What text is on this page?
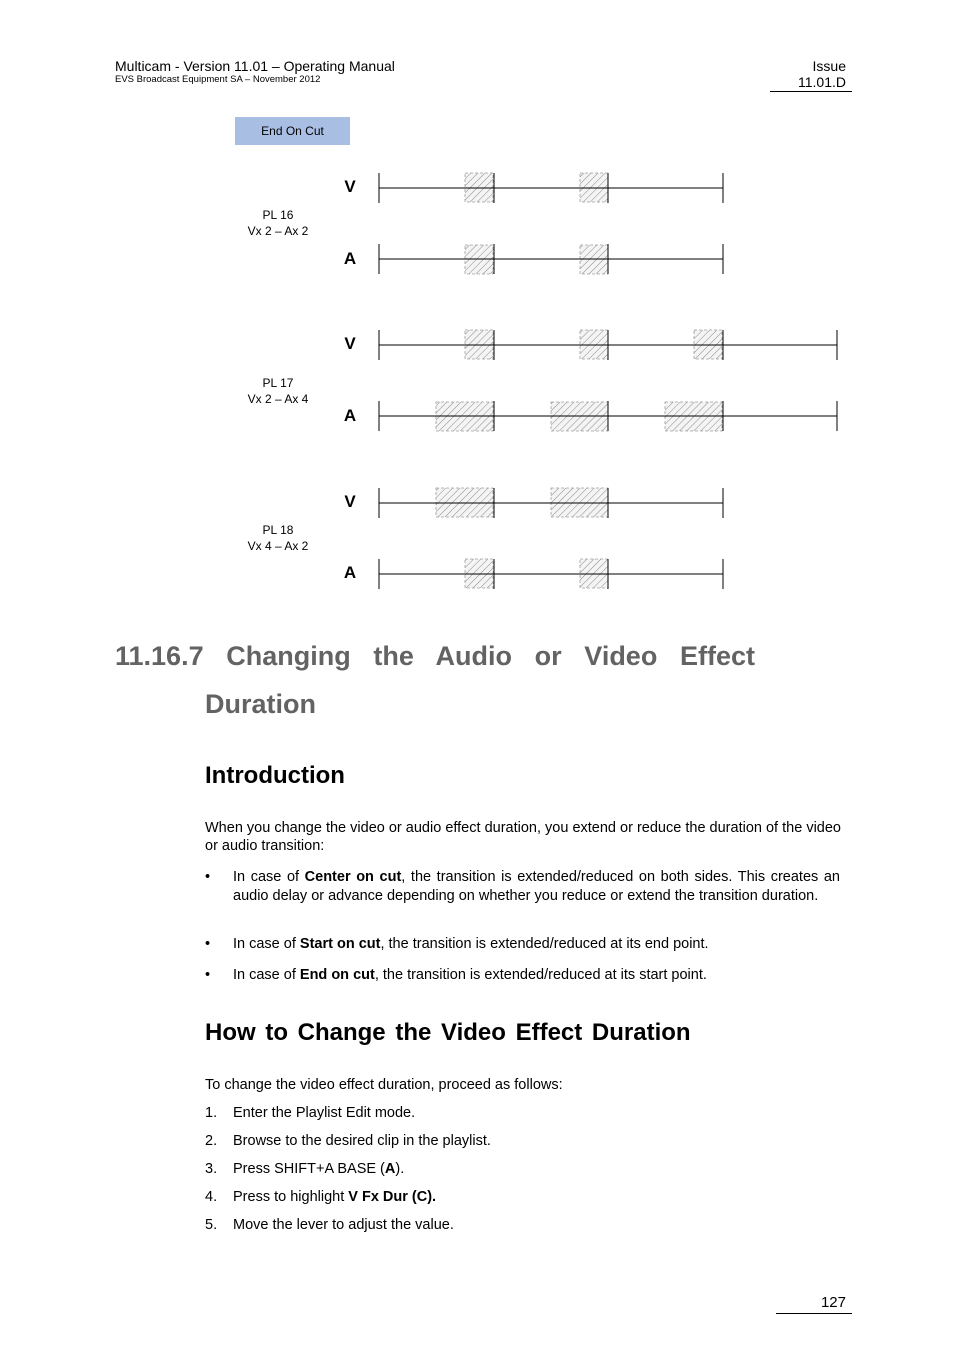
Multicam - Version 11.01 – Operating Manual
EVS Broadcast Equipment SA – November 2012
Issue
11.01.D
End On Cut
V
A
V
A
V
A
PL 16
Vx 2 – Ax 2
PL 17
Vx 2 – Ax 4
PL 18
Vx 4 – Ax 2
11.16.7 Changing the Audio or Video Effect
Duration
Introduction
When you change the video or audio effect duration, you extend or reduce the duration of the video or audio transition:
• In case of Center on cut, the transition is extended/reduced on both sides. This creates an audio delay or advance depending on whether you reduce or extend the transition duration.
• In case of Start on cut, the transition is extended/reduced at its end point.
• In case of End on cut, the transition is extended/reduced at its start point.
How to Change the Video Effect Duration
To change the video effect duration, proceed as follows:
1. Enter the Playlist Edit mode.
2. Browse to the desired clip in the playlist.
3. Press SHIFT+A BASE (A).
4. Press to highlight V Fx Dur (C).
5. Move the lever to adjust the value.
127
